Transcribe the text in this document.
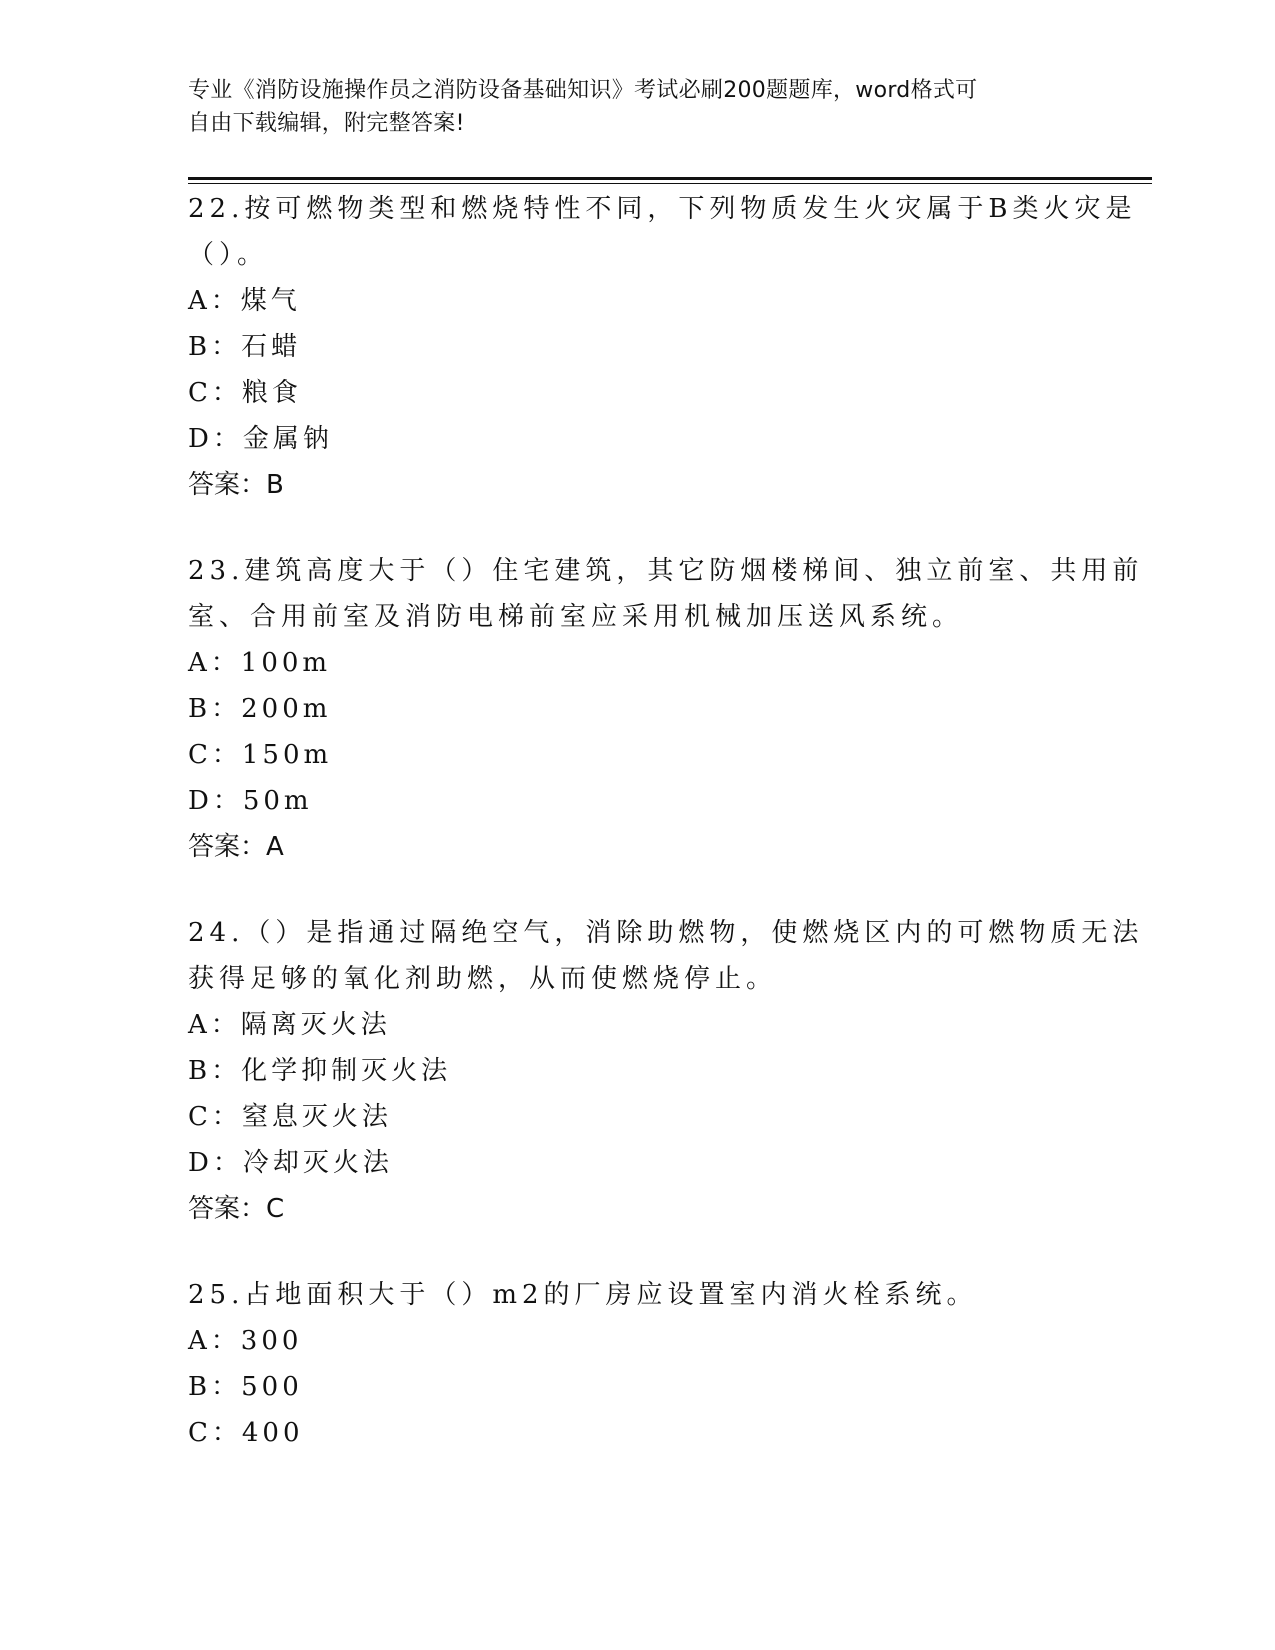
专业《消防设施操作员之消防设备基础知识》考试必刷200题题库，word格式可
自由下载编辑，附完整答案!
22.按可燃物类型和燃烧特性不同，下列物质发生火灾属于B类火灾是
（）。
A：煤气
B：石蜡
C：粮食
D：金属钠
答案：B
23.建筑高度大于（）住宅建筑，其它防烟楼梯间、独立前室、共用前
室、合用前室及消防电梯前室应采用机械加压送风系统。
A：100m
B：200m
C：150m
D：50m
答案：A
24.（）是指通过隔绝空气，消除助燃物，使燃烧区内的可燃物质无法
获得足够的氧化剂助燃，从而使燃烧停止。
A：隔离灭火法
B：化学抑制灭火法
C：窒息灭火法
D：冷却灭火法
答案：C
25.占地面积大于（）m2的厂房应设置室内消火栓系统。
A：300
B：500
C：400
